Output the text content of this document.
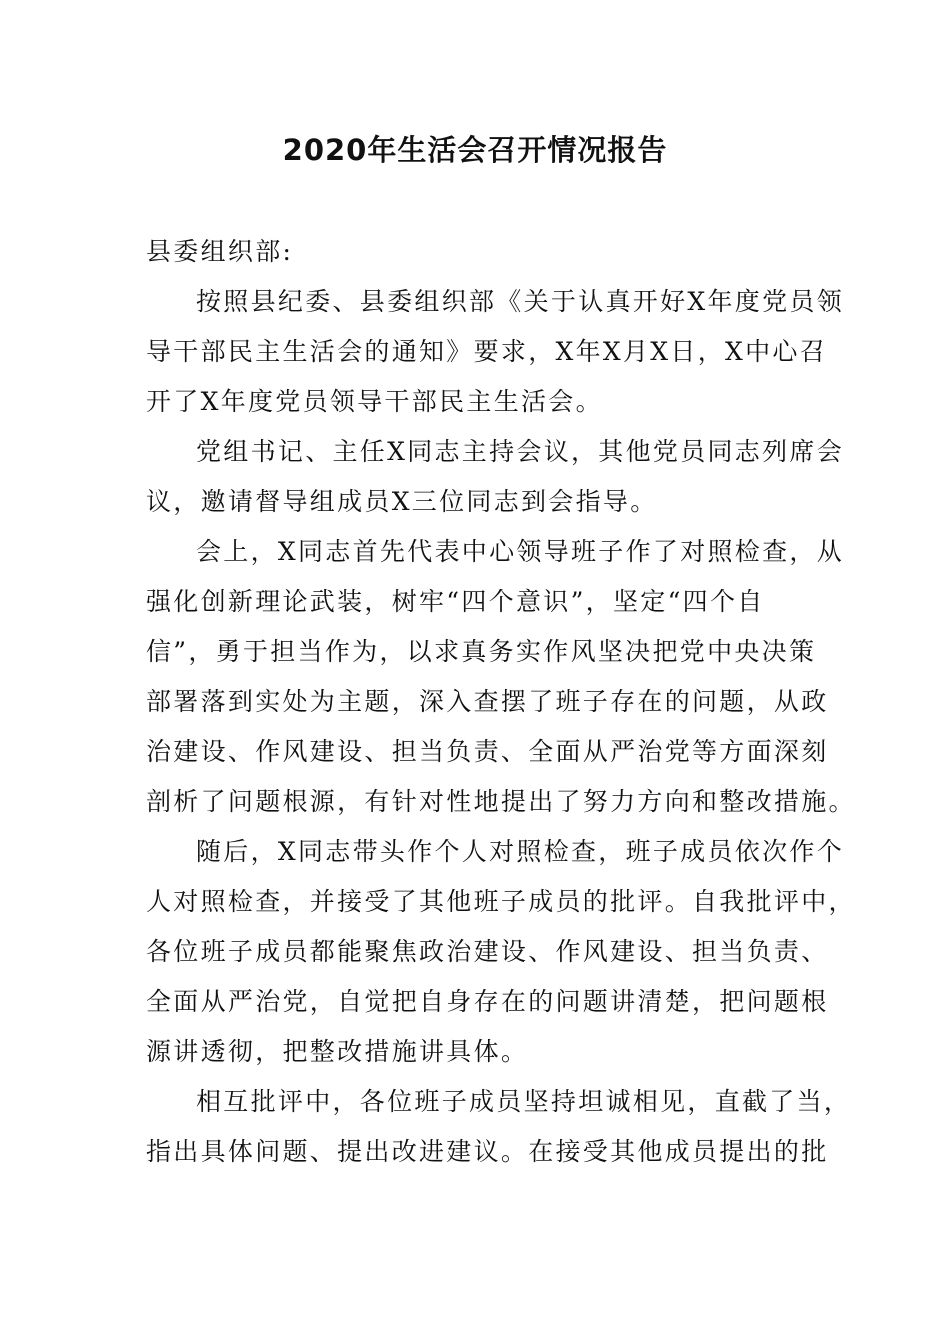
2020年生活会召开情况报告
县委组织部:
按照县纪委、县委组织部《关于认真开好X年度党员领
导干部民主生活会的通知》要求，X年X月X日，X中心召
开了X年度党员领导干部民主生活会。
党组书记、主任X同志主持会议，其他党员同志列席会
议，邀请督导组成员X三位同志到会指导。
会上，X同志首先代表中心领导班子作了对照检查，从
强化创新理论武装，树牢“四个意识”，坚定“四个自
信”，勇于担当作为，以求真务实作风坚决把党中央决策
部署落到实处为主题，深入查摆了班子存在的问题，从政
治建设、作风建设、担当负责、全面从严治党等方面深刻
剖析了问题根源，有针对性地提出了努力方向和整改措施。
随后，X同志带头作个人对照检查，班子成员依次作个
人对照检查，并接受了其他班子成员的批评。自我批评中，
各位班子成员都能聚焦政治建设、作风建设、担当负责、
全面从严治党，自觉把自身存在的问题讲清楚，把问题根
源讲透彻，把整改措施讲具体。
相互批评中，各位班子成员坚持坦诚相见，直截了当，
指出具体问题、提出改进建议。在接受其他成员提出的批
